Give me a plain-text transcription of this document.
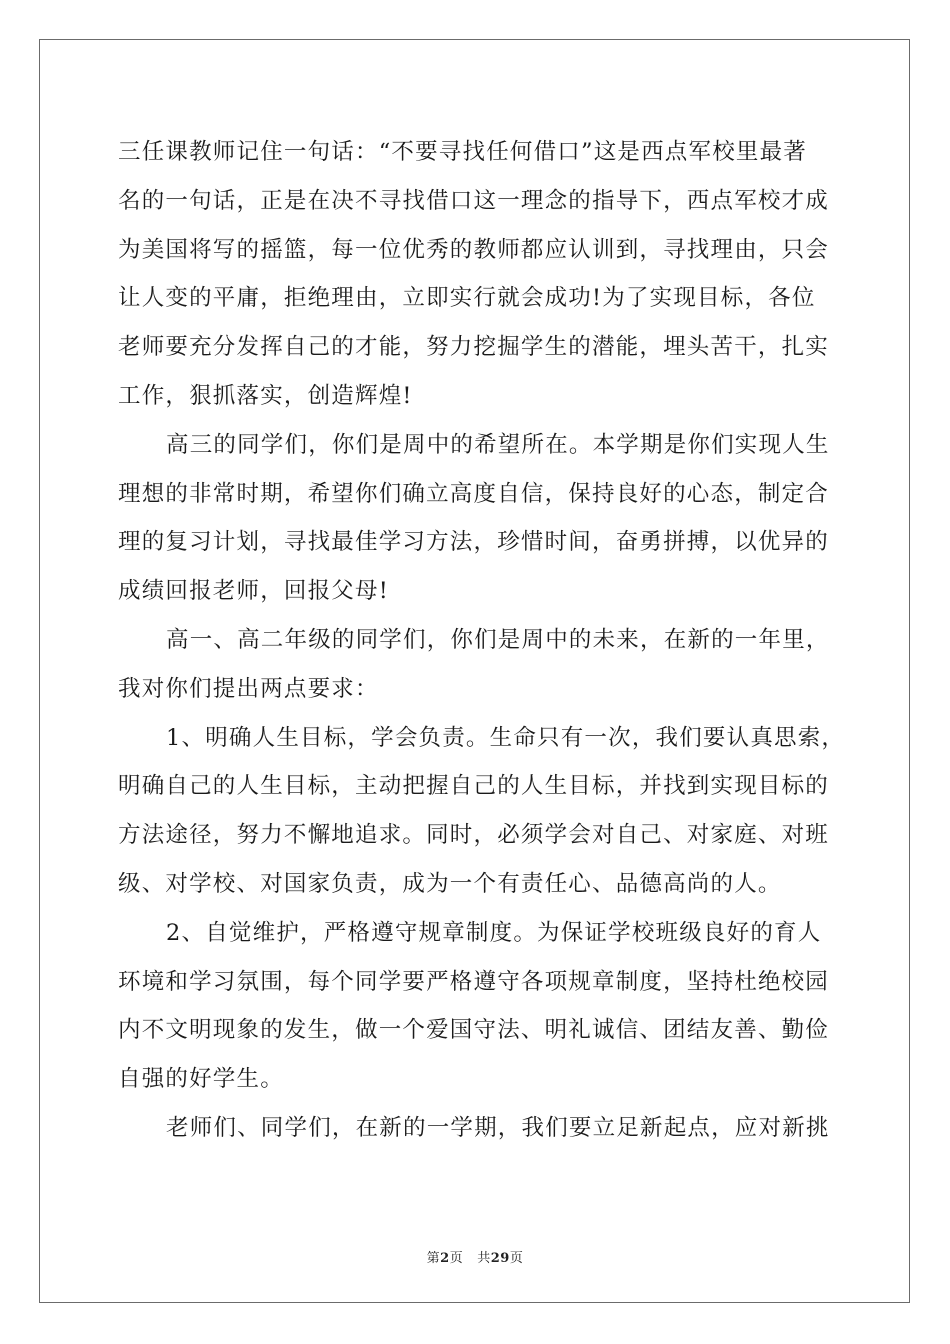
三任课教师记住一句话：“不要寻找任何借口”这是西点军校里最著
名的一句话，正是在决不寻找借口这一理念的指导下，西点军校才成
为美国将写的摇篮，每一位优秀的教师都应认训到，寻找理由，只会
让人变的平庸，拒绝理由，立即实行就会成功!为了实现目标，各位
老师要充分发挥自己的才能，努力挖掘学生的潜能，埋头苦干，扎实
工作，狠抓落实，创造辉煌!
高三的同学们，你们是周中的希望所在。本学期是你们实现人生
理想的非常时期，希望你们确立高度自信，保持良好的心态，制定合
理的复习计划，寻找最佳学习方法，珍惜时间，奋勇拼搏，以优异的
成绩回报老师，回报父母!
高一、高二年级的同学们，你们是周中的未来，在新的一年里，
我对你们提出两点要求：
1、明确人生目标，学会负责。生命只有一次，我们要认真思索，
明确自己的人生目标，主动把握自己的人生目标，并找到实现目标的
方法途径，努力不懈地追求。同时，必须学会对自己、对家庭、对班
级、对学校、对国家负责，成为一个有责任心、品德高尚的人。
2、自觉维护，严格遵守规章制度。为保证学校班级良好的育人
环境和学习氛围，每个同学要严格遵守各项规章制度，坚持杜绝校园
内不文明现象的发生，做一个爱国守法、明礼诚信、团结友善、勤俭
自强的好学生。
老师们、同学们，在新的一学期，我们要立足新起点，应对新挑
第2页 共29页
